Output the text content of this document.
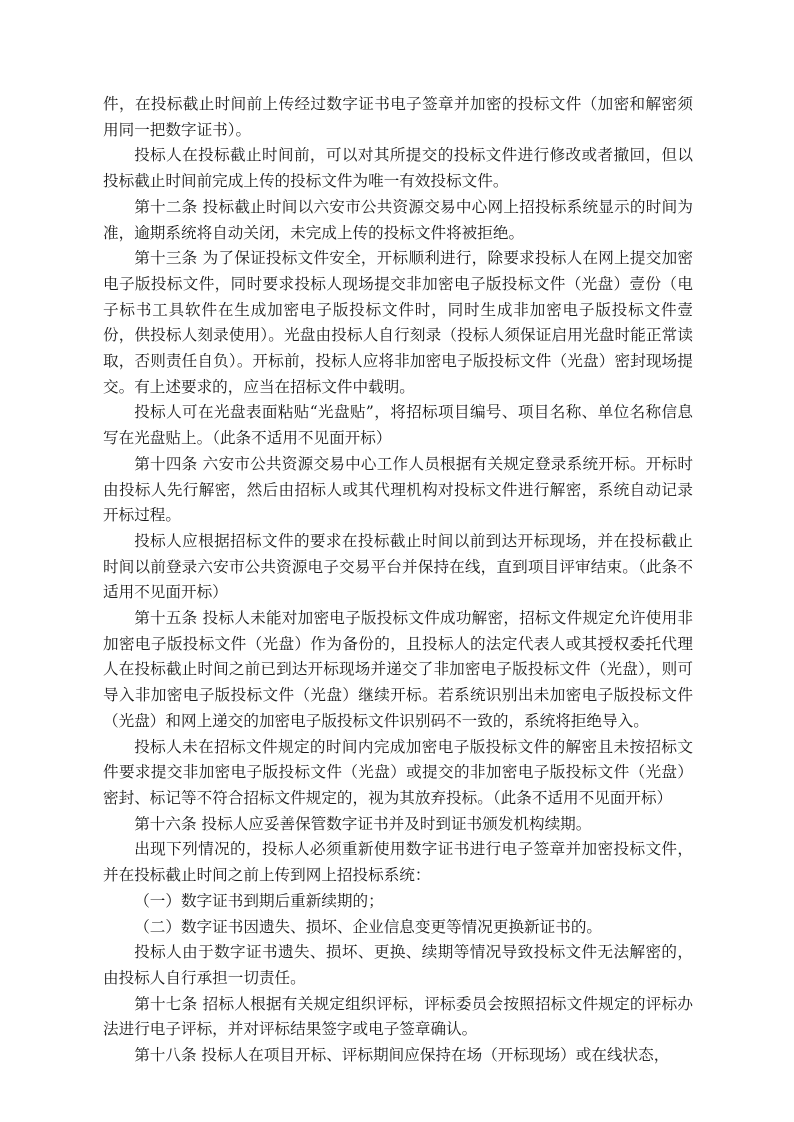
件，在投标截止时间前上传经过数字证书电子签章并加密的投标文件（加密和解密须用同一把数字证书）。

投标人在投标截止时间前，可以对其所提交的投标文件进行修改或者撤回，但以投标截止时间前完成上传的投标文件为唯一有效投标文件。

第十二条 投标截止时间以六安市公共资源交易中心网上招投标系统显示的时间为准，逾期系统将自动关闭，未完成上传的投标文件将被拒绝。

第十三条 为了保证投标文件安全，开标顺利进行，除要求投标人在网上提交加密电子版投标文件，同时要求投标人现场提交非加密电子版投标文件（光盘）壹份（电子标书工具软件在生成加密电子版投标文件时，同时生成非加密电子版投标文件壹份，供投标人刻录使用）。光盘由投标人自行刻录（投标人须保证启用光盘时能正常读取，否则责任自负）。开标前，投标人应将非加密电子版投标文件（光盘）密封现场提交。有上述要求的，应当在招标文件中载明。

投标人可在光盘表面粘贴“光盘贴”，将招标项目编号、项目名称、单位名称信息写在光盘贴上。（此条不适用不见面开标）

第十四条 六安市公共资源交易中心工作人员根据有关规定登录系统开标。开标时由投标人先行解密，然后由招标人或其代理机构对投标文件进行解密，系统自动记录开标过程。

投标人应根据招标文件的要求在投标截止时间以前到达开标现场，并在投标截止时间以前登录六安市公共资源电子交易平台并保持在线，直到项目评审结束。（此条不适用不见面开标）

第十五条 投标人未能对加密电子版投标文件成功解密，招标文件规定允许使用非加密电子版投标文件（光盘）作为备份的，且投标人的法定代表人或其授权委托代理人在投标截止时间之前已到达开标现场并递交了非加密电子版投标文件（光盘），则可导入非加密电子版投标文件（光盘）继续开标。若系统识别出未加密电子版投标文件（光盘）和网上递交的加密电子版投标文件识别码不一致的，系统将拒绝导入。

投标人未在招标文件规定的时间内完成加密电子版投标文件的解密且未按招标文件要求提交非加密电子版投标文件（光盘）或提交的非加密电子版投标文件（光盘）密封、标记等不符合招标文件规定的，视为其放弃投标。（此条不适用不见面开标）

第十六条 投标人应妥善保管数字证书并及时到证书颁发机构续期。

出现下列情况的，投标人必须重新使用数字证书进行电子签章并加密投标文件，并在投标截止时间之前上传到网上招投标系统：

（一）数字证书到期后重新续期的；

（二）数字证书因遗失、损坏、企业信息变更等情况更换新证书的。

投标人由于数字证书遗失、损坏、更换、续期等情况导致投标文件无法解密的，由投标人自行承担一切责任。

第十七条 招标人根据有关规定组织评标，评标委员会按照招标文件规定的评标办法进行电子评标，并对评标结果签字或电子签章确认。

第十八条 投标人在项目开标、评标期间应保持在场（开标现场）或在线状态，
